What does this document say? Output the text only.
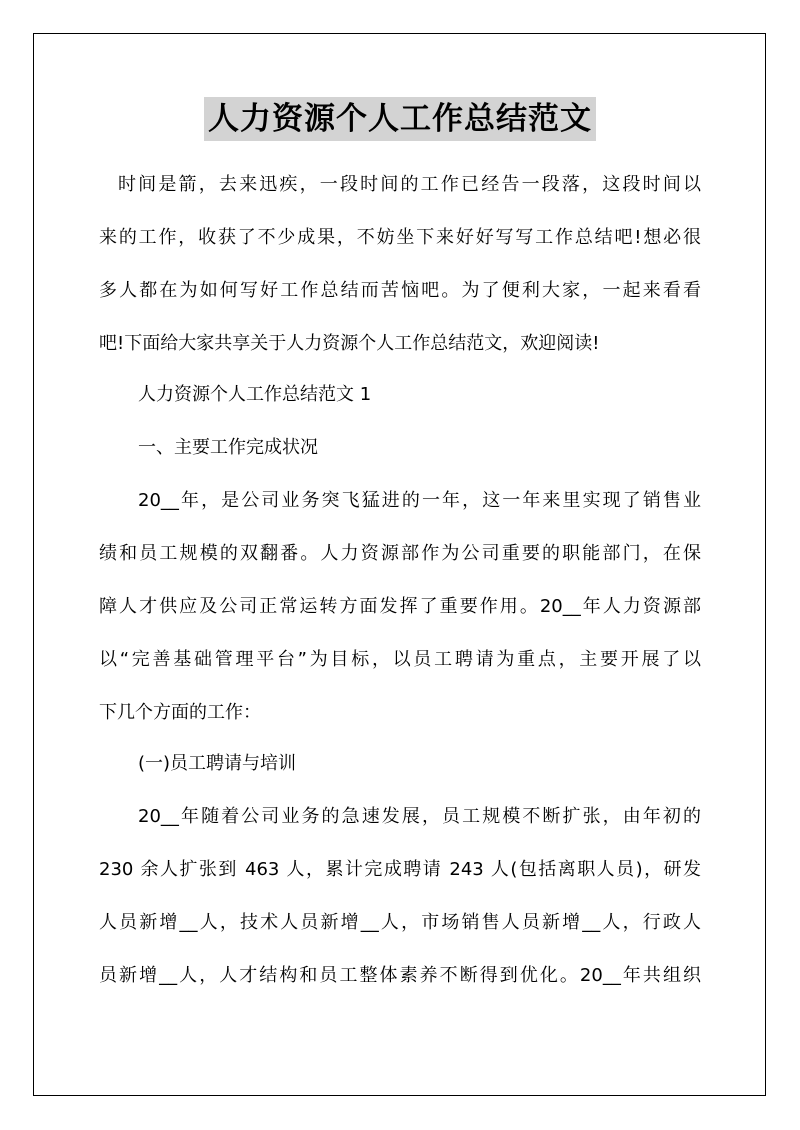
人力资源个人工作总结范文
时间是箭，去来迅疾，一段时间的工作已经告一段落，这段时间以
来的工作，收获了不少成果，不妨坐下来好好写写工作总结吧!想必很
多人都在为如何写好工作总结而苦恼吧。为了便利大家，一起来看看
吧!下面给大家共享关于人力资源个人工作总结范文，欢迎阅读!
人力资源个人工作总结范文 1
一、主要工作完成状况
20__年，是公司业务突飞猛进的一年，这一年来里实现了销售业
绩和员工规模的双翻番。人力资源部作为公司重要的职能部门，在保
障人才供应及公司正常运转方面发挥了重要作用。20__年人力资源部
以“完善基础管理平台”为目标，以员工聘请为重点，主要开展了以
下几个方面的工作：
(一)员工聘请与培训
20__年随着公司业务的急速发展，员工规模不断扩张，由年初的
230 余人扩张到 463 人，累计完成聘请 243 人(包括离职人员)，研发
人员新增__人，技术人员新增__人，市场销售人员新增__人，行政人
员新增__人，人才结构和员工整体素养不断得到优化。20__年共组织
